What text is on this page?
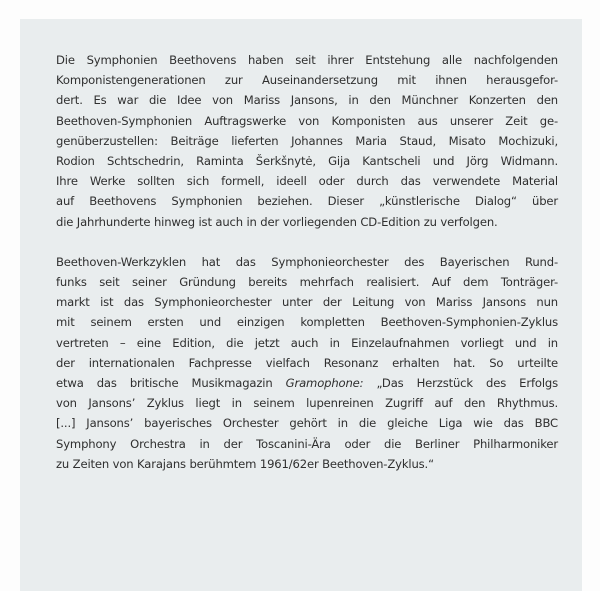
Die Symphonien Beethovens haben seit ihrer Entstehung alle nachfolgenden
Komponistengenerationen zur Auseinandersetzung mit ihnen herausgefor-
dert. Es war die Idee von Mariss Jansons, in den Münchner Konzerten den
Beethoven-Symphonien Auftragswerke von Komponisten aus unserer Zeit ge-
genüberzustellen: Beiträge lieferten Johannes Maria Staud, Misato Mochizuki,
Rodion Schtschedrin, Raminta Šerkšnytė, Gija Kantscheli und Jörg Widmann.
Ihre Werke sollten sich formell, ideell oder durch das verwendete Material
auf Beethovens Symphonien beziehen. Dieser „künstlerische Dialog“ über
die Jahrhunderte hinweg ist auch in der vorliegenden CD-Edition zu verfolgen.

Beethoven-Werkzyklen hat das Symphonieorchester des Bayerischen Rund-
funks seit seiner Gründung bereits mehrfach realisiert. Auf dem Tonträger-
markt ist das Symphonieorchester unter der Leitung von Mariss Jansons nun
mit seinem ersten und einzigen kompletten Beethoven-Symphonien-Zyklus
vertreten – eine Edition, die jetzt auch in Einzelaufnahmen vorliegt und in
der internationalen Fachpresse vielfach Resonanz erhalten hat. So urteilte
etwa das britische Musikmagazin Gramophone: „Das Herzstück des Erfolgs
von Jansons’ Zyklus liegt in seinem lupenreinen Zugriff auf den Rhythmus.
[...] Jansons’ bayerisches Orchester gehört in die gleiche Liga wie das BBC
Symphony Orchestra in der Toscanini-Ära oder die Berliner Philharmoniker
zu Zeiten von Karajans berühmtem 1961/62er Beethoven-Zyklus.“
